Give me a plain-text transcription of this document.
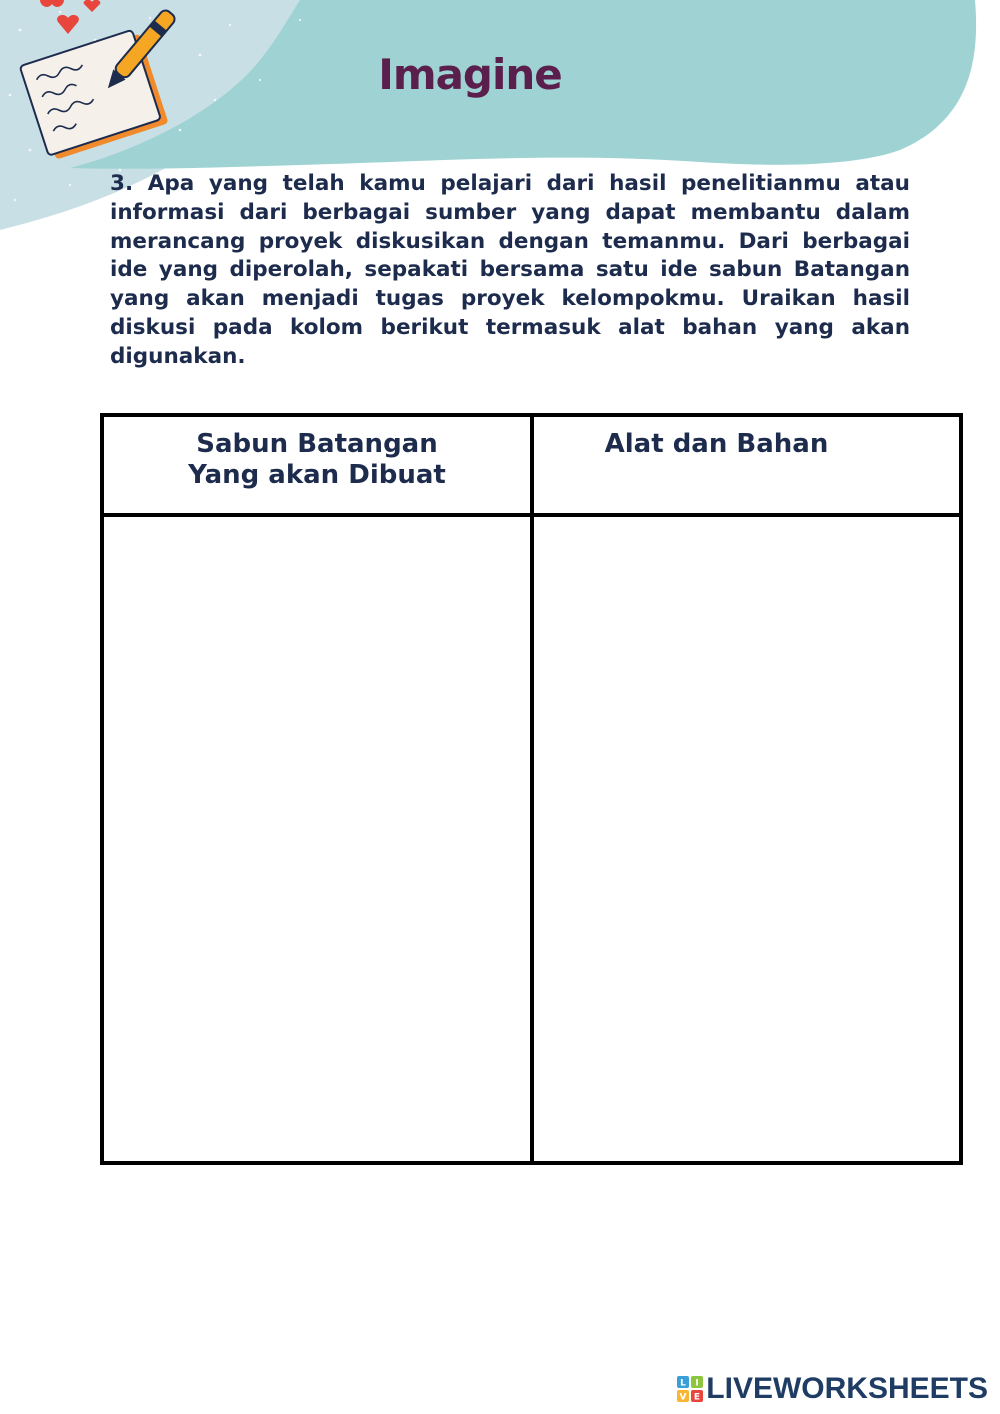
Imagine

3. Apa yang telah kamu pelajari dari hasil penelitianmu atau informasi dari berbagai sumber yang dapat membantu dalam merancang proyek diskusikan dengan temanmu. Dari berbagai ide yang diperolah, sepakati bersama satu ide sabun Batangan yang akan menjadi tugas proyek kelompokmu. Uraikan hasil diskusi pada kolom berikut termasuk alat bahan yang akan digunakan.

Sabun Batangan
Yang akan Dibuat	Alat dan Bahan

L I
V E LIVEWORKSHEETS
